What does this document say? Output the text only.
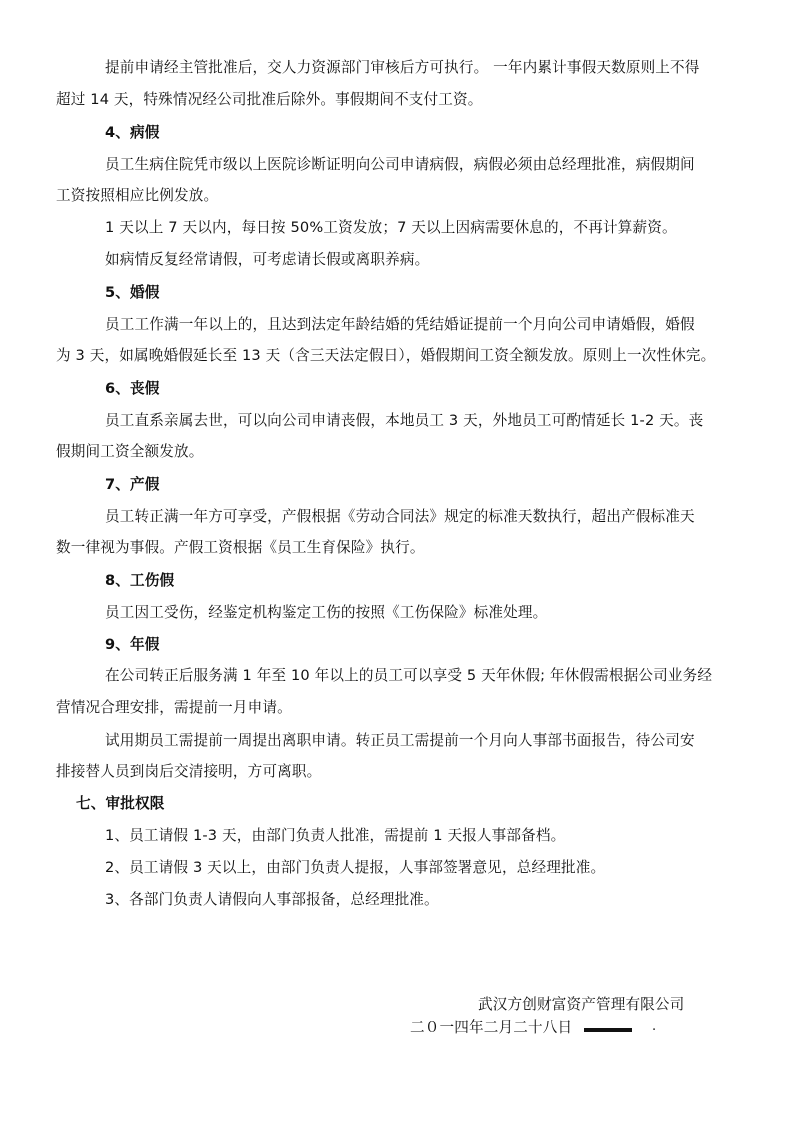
提前申请经主管批准后，交人力资源部门审核后方可执行。 一年内累计事假天数原则上不得
超过 14 天，特殊情况经公司批准后除外。事假期间不支付工资。
4、病假
员工生病住院凭市级以上医院诊断证明向公司申请病假，病假必须由总经理批准，病假期间
工资按照相应比例发放。
1 天以上 7 天以内，每日按 50%工资发放；7 天以上因病需要休息的，不再计算薪资。
如病情反复经常请假，可考虑请长假或离职养病。
5、婚假
员工工作满一年以上的，且达到法定年龄结婚的凭结婚证提前一个月向公司申请婚假，婚假
为 3 天，如属晚婚假延长至 13 天（含三天法定假日），婚假期间工资全额发放。原则上一次性休完。
6、丧假
员工直系亲属去世，可以向公司申请丧假，本地员工 3 天，外地员工可酌情延长 1-2 天。丧
假期间工资全额发放。
7、产假
员工转正满一年方可享受，产假根据《劳动合同法》规定的标准天数执行，超出产假标准天
数一律视为事假。产假工资根据《员工生育保险》执行。
8、工伤假
员工因工受伤，经鉴定机构鉴定工伤的按照《工伤保险》标准处理。
9、年假
在公司转正后服务满 1 年至 10 年以上的员工可以享受 5 天年休假; 年休假需根据公司业务经
营情况合理安排，需提前一月申请。
试用期员工需提前一周提出离职申请。转正员工需提前一个月向人事部书面报告，待公司安
排接替人员到岗后交清接明，方可离职。
七、审批权限
1、员工请假 1-3 天，由部门负责人批准，需提前 1 天报人事部备档。
2、员工请假 3 天以上，由部门负责人提报，人事部签署意见，总经理批准。
3、各部门负责人请假向人事部报备，总经理批准。
武汉方创财富资产管理有限公司
二０一四年二月二十八日	.
